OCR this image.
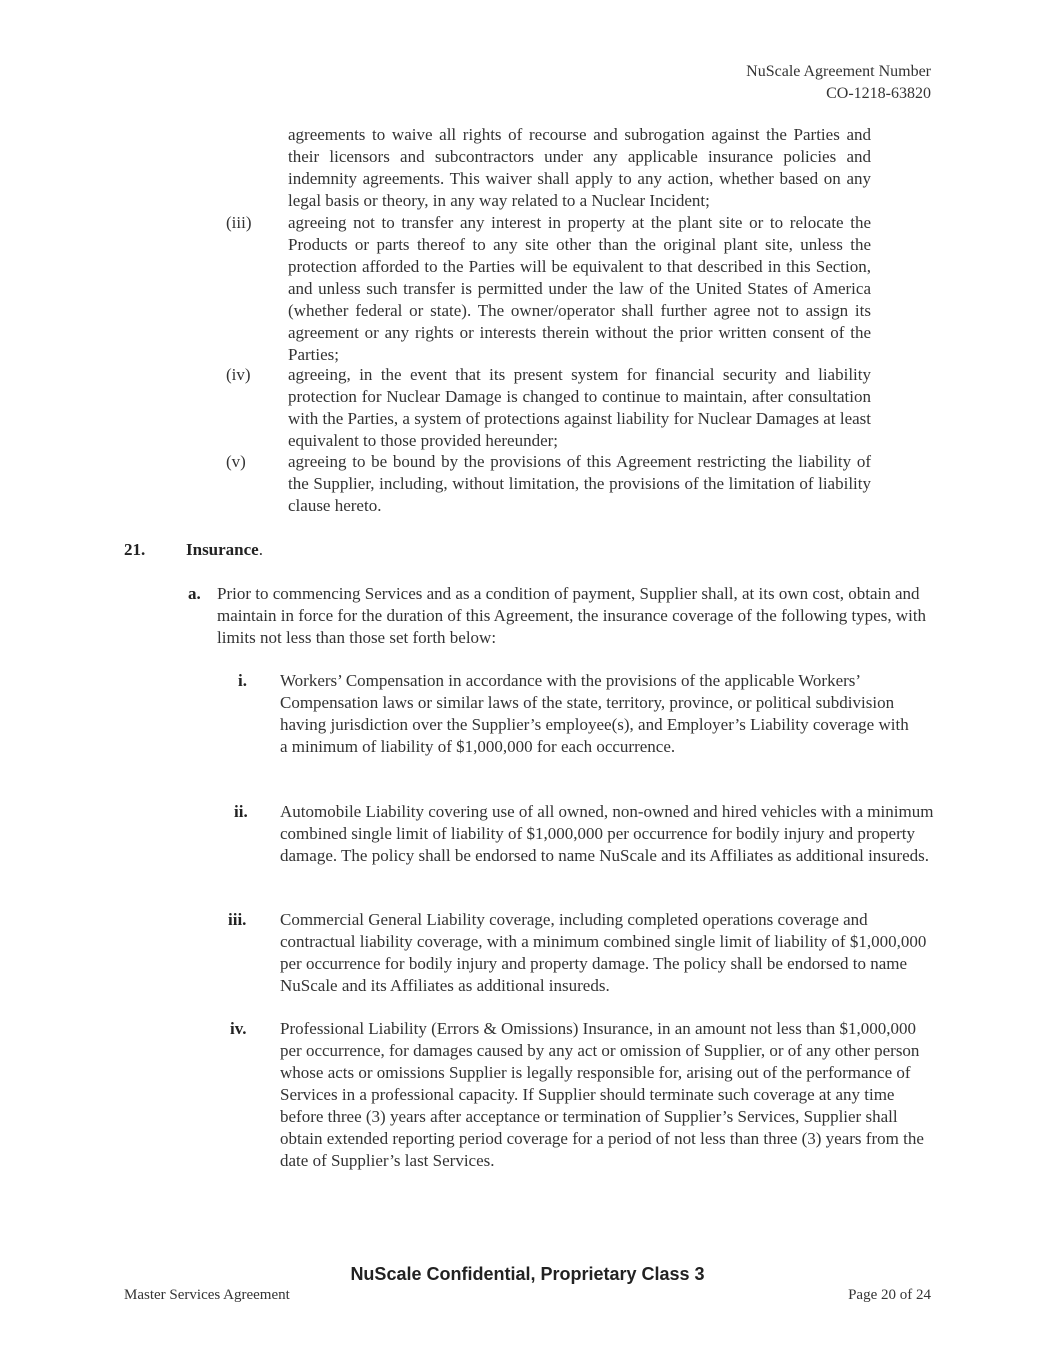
NuScale Agreement Number
CO-1218-63820
agreements to waive all rights of recourse and subrogation against the Parties and their licensors and subcontractors under any applicable insurance policies and indemnity agreements. This waiver shall apply to any action, whether based on any legal basis or theory, in any way related to a Nuclear Incident;
(iii) agreeing not to transfer any interest in property at the plant site or to relocate the Products or parts thereof to any site other than the original plant site, unless the protection afforded to the Parties will be equivalent to that described in this Section, and unless such transfer is permitted under the law of the United States of America (whether federal or state). The owner/operator shall further agree not to assign its agreement or any rights or interests therein without the prior written consent of the Parties;
(iv) agreeing, in the event that its present system for financial security and liability protection for Nuclear Damage is changed to continue to maintain, after consultation with the Parties, a system of protections against liability for Nuclear Damages at least equivalent to those provided hereunder;
(v) agreeing to be bound by the provisions of this Agreement restricting the liability of the Supplier, including, without limitation, the provisions of the limitation of liability clause hereto.
21. Insurance.
a. Prior to commencing Services and as a condition of payment, Supplier shall, at its own cost, obtain and maintain in force for the duration of this Agreement, the insurance coverage of the following types, with limits not less than those set forth below:
i. Workers’ Compensation in accordance with the provisions of the applicable Workers’ Compensation laws or similar laws of the state, territory, province, or political subdivision having jurisdiction over the Supplier’s employee(s), and Employer’s Liability coverage with a minimum of liability of $1,000,000 for each occurrence.
ii. Automobile Liability covering use of all owned, non-owned and hired vehicles with a minimum combined single limit of liability of $1,000,000 per occurrence for bodily injury and property damage. The policy shall be endorsed to name NuScale and its Affiliates as additional insureds.
iii. Commercial General Liability coverage, including completed operations coverage and contractual liability coverage, with a minimum combined single limit of liability of $1,000,000 per occurrence for bodily injury and property damage. The policy shall be endorsed to name NuScale and its Affiliates as additional insureds.
iv. Professional Liability (Errors & Omissions) Insurance, in an amount not less than $1,000,000 per occurrence, for damages caused by any act or omission of Supplier, or of any other person whose acts or omissions Supplier is legally responsible for, arising out of the performance of Services in a professional capacity. If Supplier should terminate such coverage at any time before three (3) years after acceptance or termination of Supplier’s Services, Supplier shall obtain extended reporting period coverage for a period of not less than three (3) years from the date of Supplier’s last Services.
NuScale Confidential, Proprietary Class 3
Master Services Agreement	Page 20 of 24
